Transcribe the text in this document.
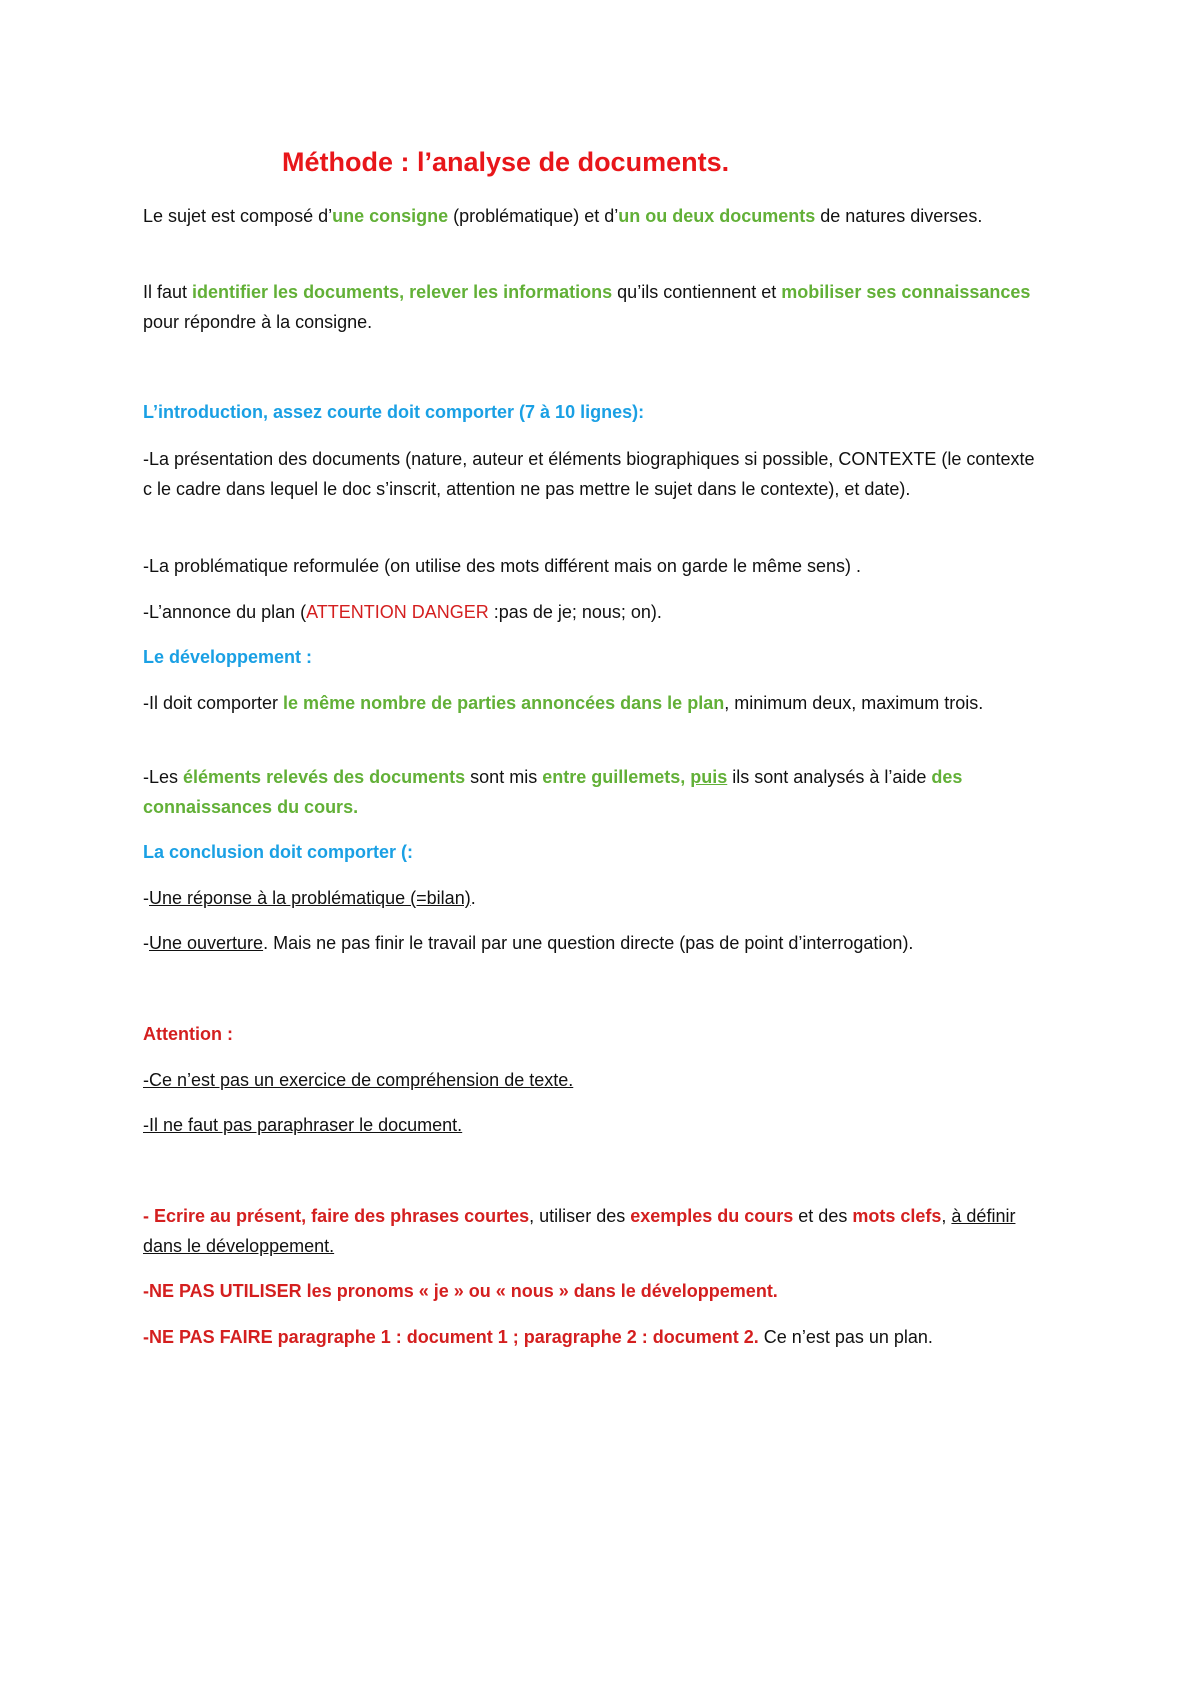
Méthode : l’analyse de documents.

Le sujet est composé d’une consigne (problématique) et d’un ou deux documents de natures diverses.

Il faut identifier les documents, relever les informations qu’ils contiennent et mobiliser ses connaissances pour répondre à la consigne.

L’introduction, assez courte doit comporter (7 à 10 lignes):

-La présentation des documents (nature, auteur et éléments biographiques si possible, CONTEXTE (le contexte c le cadre dans lequel le doc s’inscrit, attention ne pas mettre le sujet dans le contexte), et date).

-La problématique reformulée (on utilise des mots différent mais on garde le même sens) .

-L’annonce du plan (ATTENTION DANGER :pas de je; nous; on).

Le développement :

-Il doit comporter le même nombre de parties annoncées dans le plan, minimum deux, maximum trois.

-Les éléments relevés des documents sont mis entre guillemets, puis ils sont analysés à l’aide des connaissances du cours.

La conclusion doit comporter (:

-Une réponse à la problématique (=bilan).

-Une ouverture. Mais ne pas finir le travail par une question directe (pas de point d’interrogation).

Attention :

-Ce n’est pas un exercice de compréhension de texte.

-Il ne faut pas paraphraser le document.

- Ecrire au présent, faire des phrases courtes, utiliser des exemples du cours et des mots clefs, à définir dans le développement.

-NE PAS UTILISER les pronoms « je » ou « nous » dans le développement.

-NE PAS FAIRE paragraphe 1 : document 1 ; paragraphe 2 : document 2. Ce n’est pas un plan.
